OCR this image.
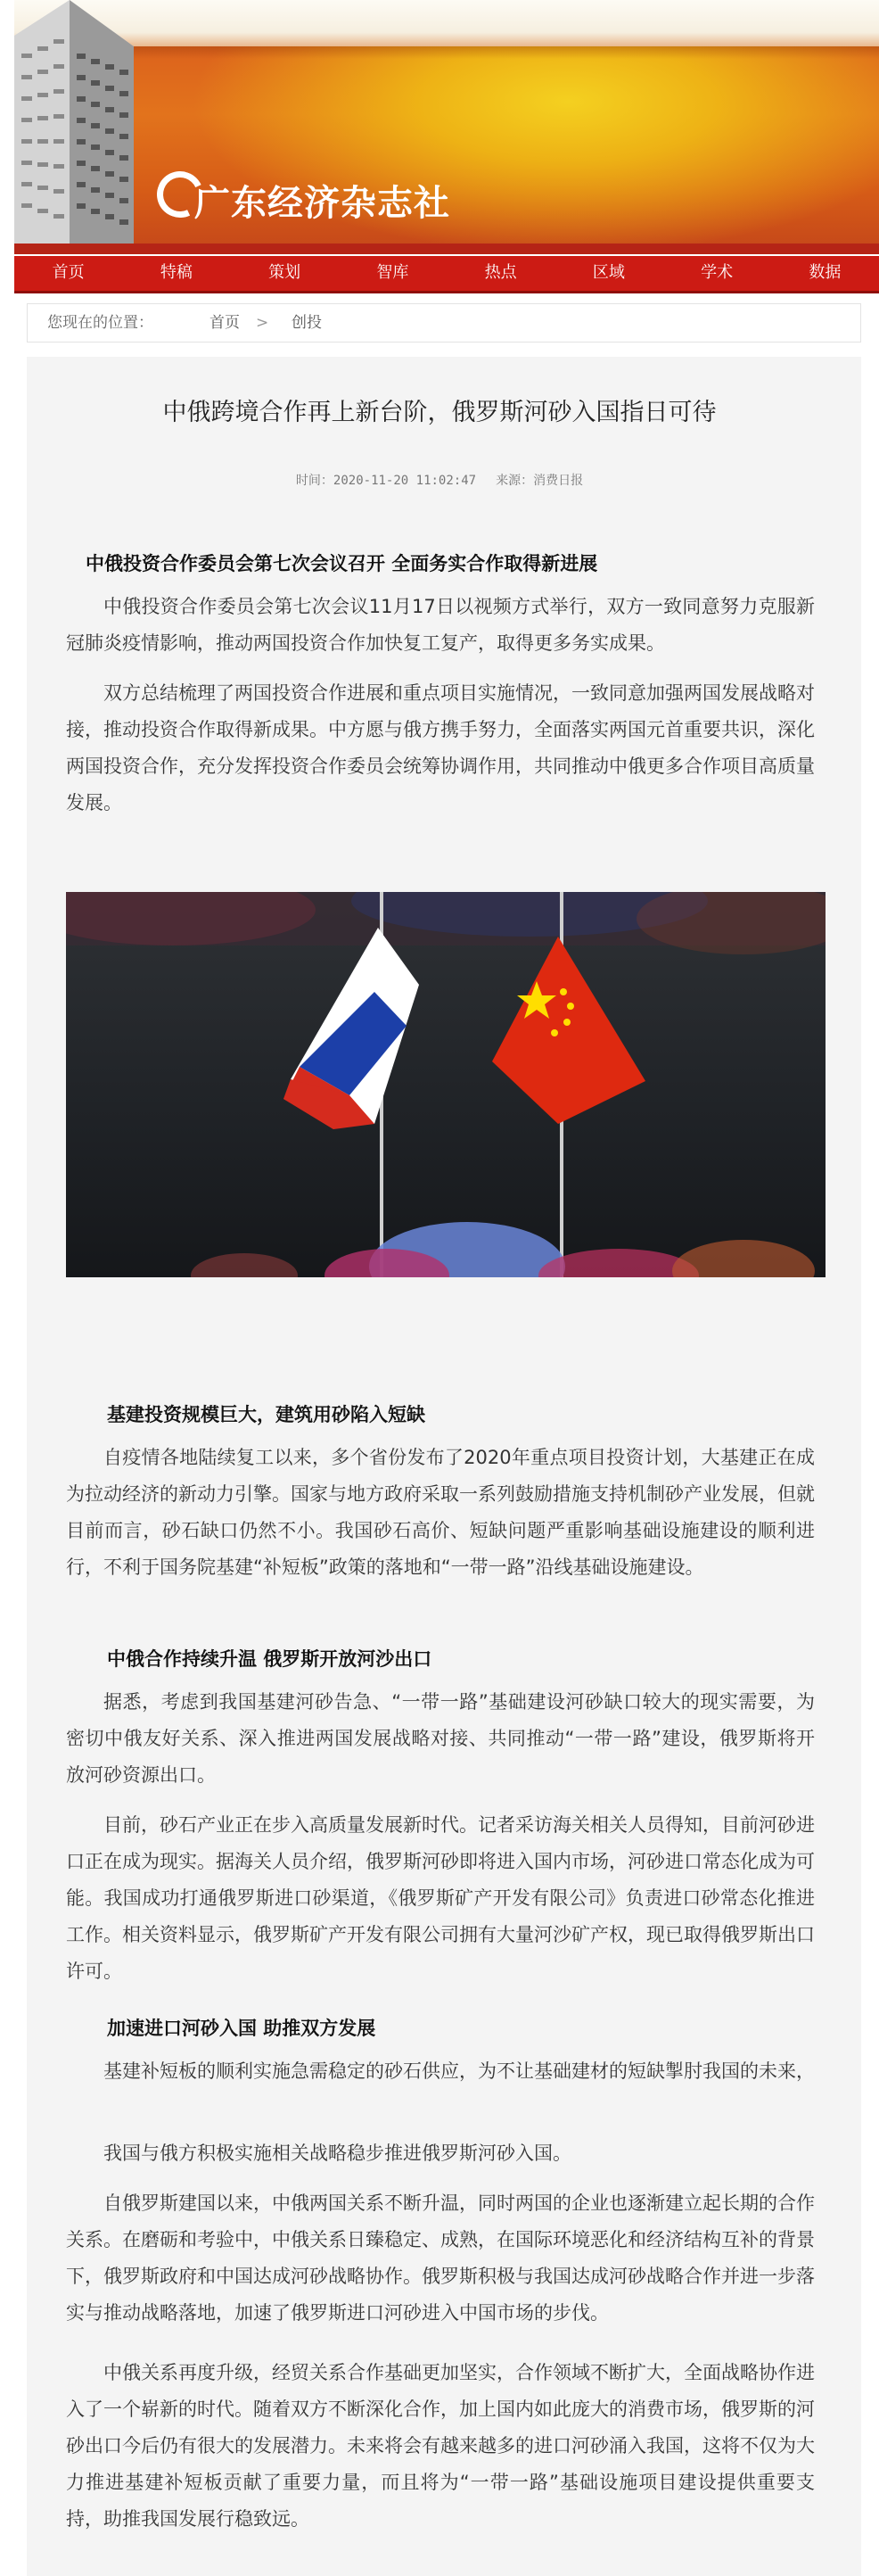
广东经济杂志社
首页	特稿	策划	智库	热点	区域	学术	数据
您现在的位置：	首页 > 创投
中俄跨境合作再上新台阶，俄罗斯河砂入国指日可待
时间：2020-11-20 11:02:47 来源：消费日报
中俄投资合作委员会第七次会议召开 全面务实合作取得新进展

中俄投资合作委员会第七次会议11月17日以视频方式举行，双方一致同意努力克服新冠肺炎疫情影响，推动两国投资合作加快复工复产，取得更多务实成果。

双方总结梳理了两国投资合作进展和重点项目实施情况，一致同意加强两国发展战略对接，推动投资合作取得新成果。中方愿与俄方携手努力，全面落实两国元首重要共识，深化两国投资合作，充分发挥投资合作委员会统筹协调作用，共同推动中俄更多合作项目高质量发展。

基建投资规模巨大，建筑用砂陷入短缺

自疫情各地陆续复工以来，多个省份发布了2020年重点项目投资计划，大基建正在成为拉动经济的新动力引擎。国家与地方政府采取一系列鼓励措施支持机制砂产业发展，但就目前而言，砂石缺口仍然不小。我国砂石高价、短缺问题严重影响基础设施建设的顺利进行，不利于国务院基建“补短板”政策的落地和“一带一路”沿线基础设施建设。

中俄合作持续升温 俄罗斯开放河沙出口

据悉，考虑到我国基建河砂告急、“一带一路”基础建设河砂缺口较大的现实需要，为密切中俄友好关系、深入推进两国发展战略对接、共同推动“一带一路”建设，俄罗斯将开放河砂资源出口。

目前，砂石产业正在步入高质量发展新时代。记者采访海关相关人员得知，目前河砂进口正在成为现实。据海关人员介绍，俄罗斯河砂即将进入国内市场，河砂进口常态化成为可能。我国成功打通俄罗斯进口砂渠道，《俄罗斯矿产开发有限公司》负责进口砂常态化推进工作。相关资料显示，俄罗斯矿产开发有限公司拥有大量河沙矿产权，现已取得俄罗斯出口许可。

加速进口河砂入国 助推双方发展

基建补短板的顺利实施急需稳定的砂石供应，为不让基础建材的短缺掣肘我国的未来，

我国与俄方积极实施相关战略稳步推进俄罗斯河砂入国。

自俄罗斯建国以来，中俄两国关系不断升温，同时两国的企业也逐渐建立起长期的合作关系。在磨砺和考验中，中俄关系日臻稳定、成熟，在国际环境恶化和经济结构互补的背景下，俄罗斯政府和中国达成河砂战略协作。俄罗斯积极与我国达成河砂战略合作并进一步落实与推动战略落地，加速了俄罗斯进口河砂进入中国市场的步伐。

中俄关系再度升级，经贸关系合作基础更加坚实，合作领域不断扩大，全面战略协作进入了一个崭新的时代。随着双方不断深化合作，加上国内如此庞大的消费市场，俄罗斯的河砂出口今后仍有很大的发展潜力。未来将会有越来越多的进口河砂涌入我国，这将不仅为大力推进基建补短板贡献了重要力量，而且将为“一带一路”基础设施项目建设提供重要支持，助推我国发展行稳致远。
